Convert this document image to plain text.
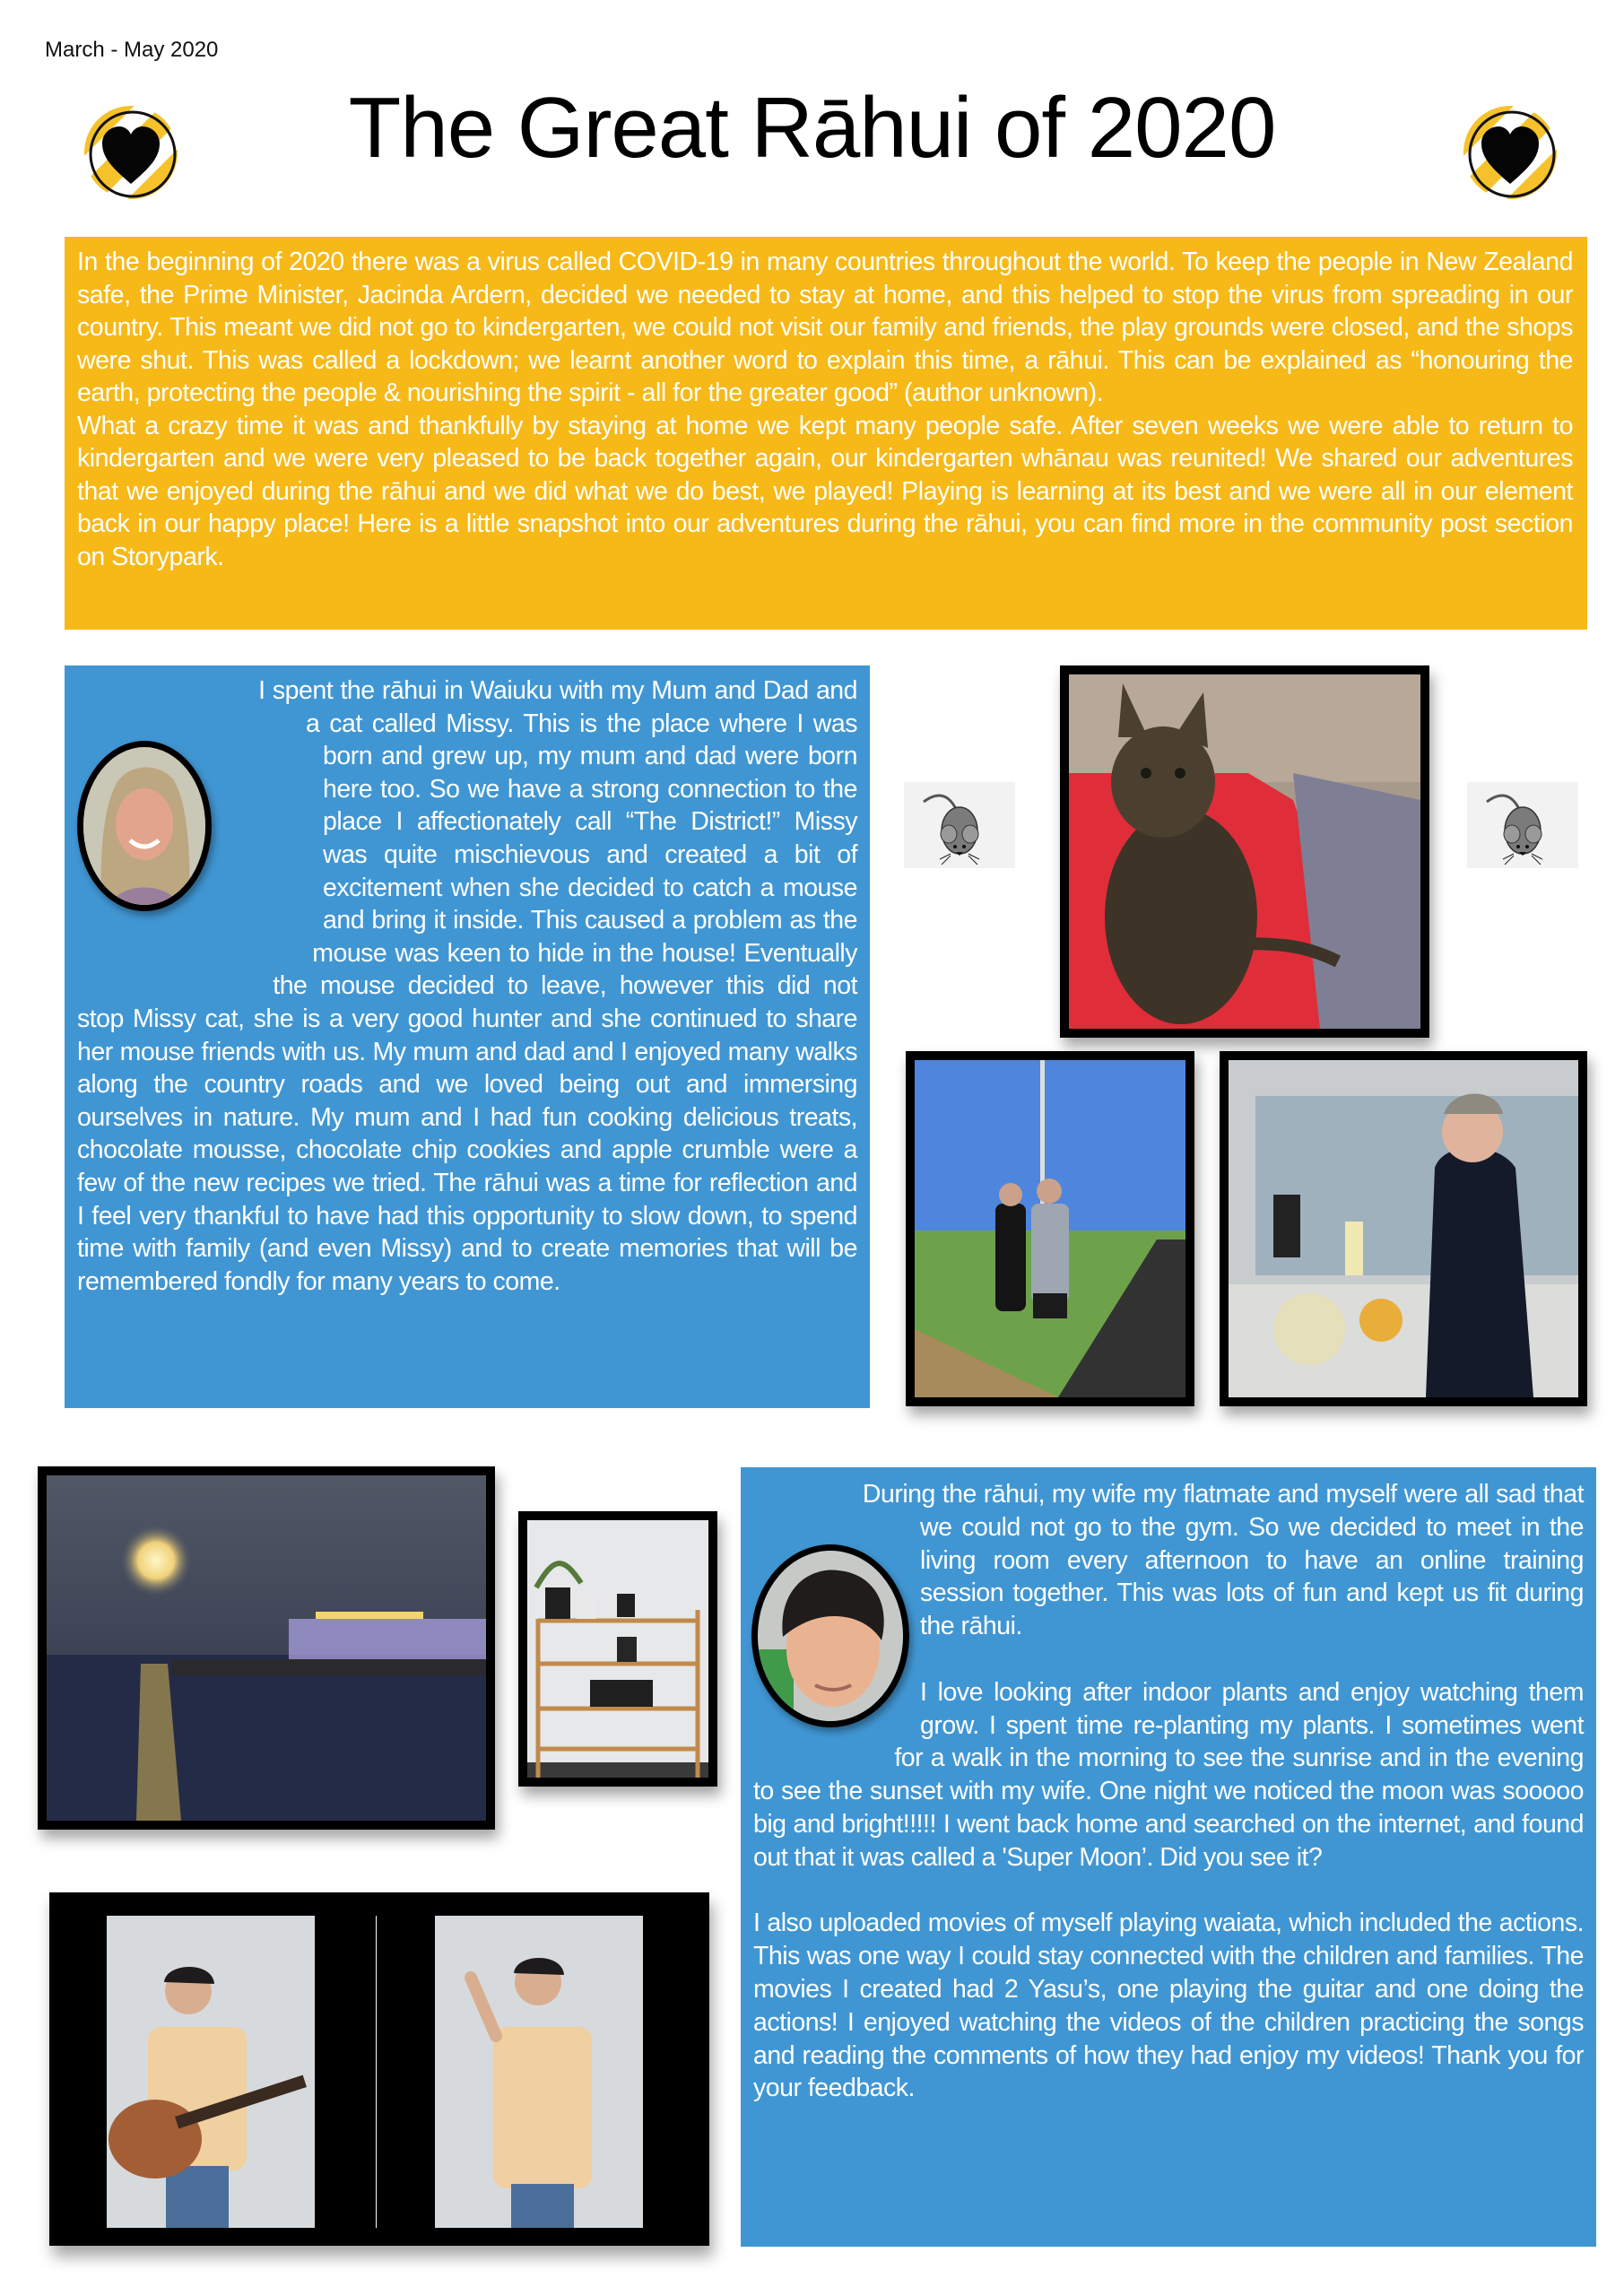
March - May 2020
The Great Rāhui of 2020

In the beginning of 2020 there was a virus called COVID-19 in many countries throughout the world. To keep the people in New Zealand safe, the Prime Minister, Jacinda Ardern, decided we needed to stay at home, and this helped to stop the virus from spreading in our country. This meant we did not go to kindergarten, we could not visit our family and friends, the play grounds were closed, and the shops were shut. This was called a lockdown; we learnt another word to explain this time, a rāhui. This can be explained as “honouring the earth, protecting the people & nourishing the spirit - all for the greater good” (author unknown).

What a crazy time it was and thankfully by staying at home we kept many people safe. After seven weeks we were able to return to kindergarten and we were very pleased to be back together again, our kindergarten whānau was reunited! We shared our adventures that we enjoyed during the rāhui and we did what we do best, we played! Playing is learning at its best and we were all in our element back in our happy place! Here is a little snapshot into our adventures during the rāhui, you can find more in the community post section on Storypark.

I spent the rāhui in Waiuku with my Mum and Dad and a cat called Missy. This is the place where I was born and grew up, my mum and dad were born here too. So we have a strong connection to the place I affectionately call “The District!” Missy was quite mischievous and created a bit of excitement when she decided to catch a mouse and bring it inside. This caused a problem as the mouse was keen to hide in the house! Eventually the mouse decided to leave, however this did not stop Missy cat, she is a very good hunter and she continued to share her mouse friends with us. My mum and dad and I enjoyed many walks along the country roads and we loved being out and immersing ourselves in nature. My mum and I had fun cooking delicious treats, chocolate mousse, chocolate chip cookies and apple crumble were a few of the new recipes we tried. The rāhui was a time for reflection and I feel very thankful to have had this opportunity to slow down, to spend time with family (and even Missy) and to create memories that will be remembered fondly for many years to come.

During the rāhui, my wife my flatmate and myself were all sad that we could not go to the gym. So we decided to meet in the living room every afternoon to have an online training session together. This was lots of fun and kept us fit during the rāhui.

I love looking after indoor plants and enjoy watching them grow. I spent time re-planting my plants. I sometimes went for a walk in the morning to see the sunrise and in the evening to see the sunset with my wife. One night we noticed the moon was sooooo big and bright!!!!! I went back home and searched on the internet, and found out that it was called a 'Super Moon’. Did you see it?

I also uploaded movies of myself playing waiata, which included the actions. This was one way I could stay connected with the children and families. The movies I created had 2 Yasu’s, one playing the guitar and one doing the actions! I enjoyed watching the videos of the children practicing the songs and reading the comments of how they had enjoy my videos! Thank you for your feedback.
